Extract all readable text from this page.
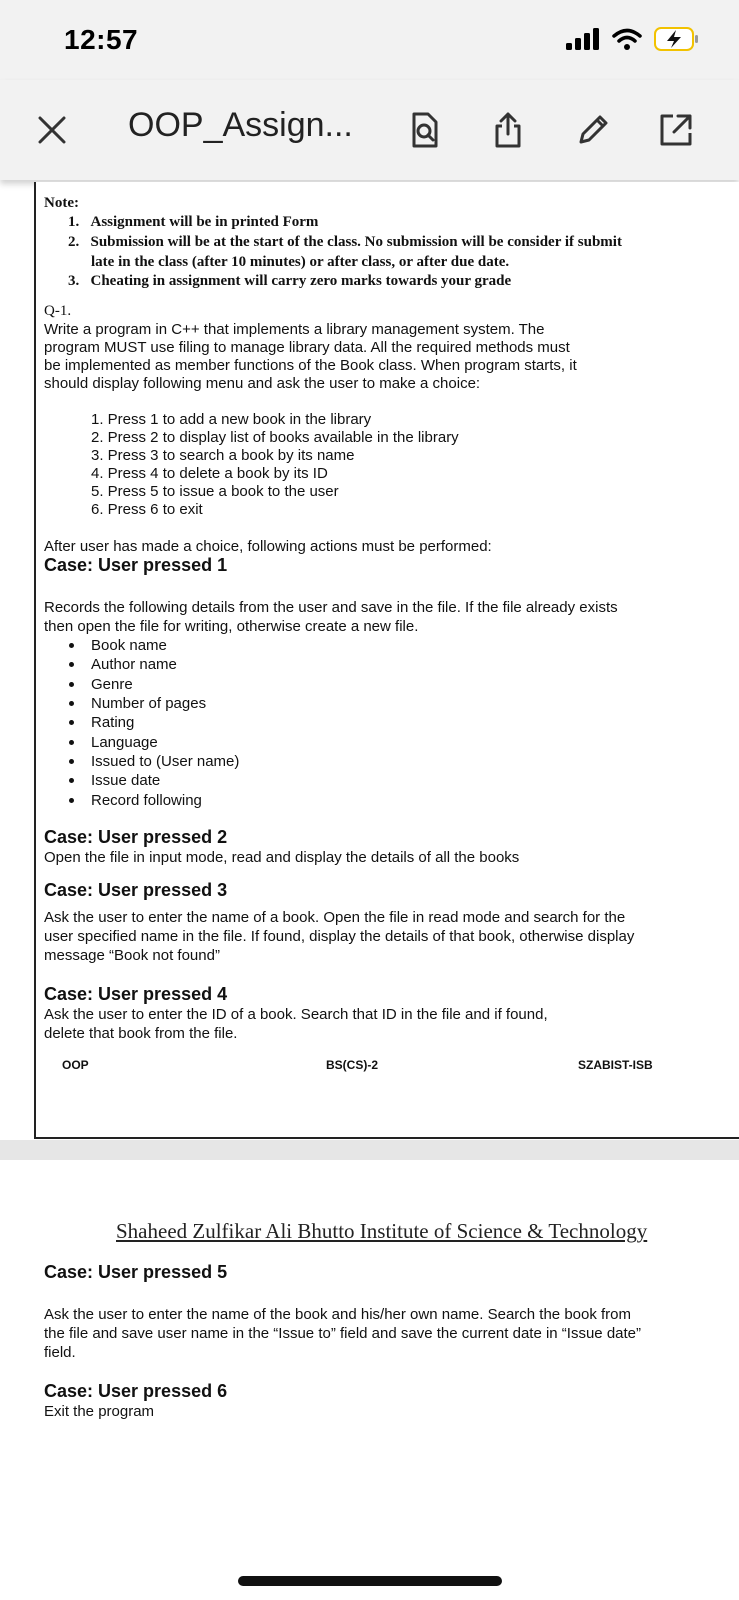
12:57
OOP_Assign...
Note:
1.   Assignment will be in printed Form
2.   Submission will be at the start of the class. No submission will be consider if submit
late in the class (after 10 minutes) or after class, or after due date.
3.   Cheating in assignment will carry zero marks towards your grade
Q-1.
Write a program in C++ that implements a library management system. The
program MUST use filing to manage library data. All the required methods must
be implemented as member functions of the Book class. When program starts, it
should display following menu and ask the user to make a choice:
1. Press 1 to add a new book in the library
2. Press 2 to display list of books available in the library
3. Press 3 to search a book by its name
4. Press 4 to delete a book by its ID
5. Press 5 to issue a book to the user
6. Press 6 to exit
After user has made a choice, following actions must be performed:
Case: User pressed 1
Records the following details from the user and save in the file. If the file already exists
then open the file for writing, otherwise create a new file.
Book name
Author name
Genre
Number of pages
Rating
Language
Issued to (User name)
Issue date
Record following
Case: User pressed 2
Open the file in input mode, read and display the details of all the books
Case: User pressed 3
Ask the user to enter the name of a book. Open the file in read mode and search for the
user specified name in the file. If found, display the details of that book, otherwise display
message “Book not found”
Case: User pressed 4
Ask the user to enter the ID of a book. Search that ID in the file and if found,
delete that book from the file.
OOP	BS(CS)-2	SZABIST-ISB
Shaheed Zulfikar Ali Bhutto Institute of Science & Technology
Case: User pressed 5
Ask the user to enter the name of the book and his/her own name. Search the book from
the file and save user name in the “Issue to” field and save the current date in “Issue date”
field.
Case: User pressed 6
Exit the program
